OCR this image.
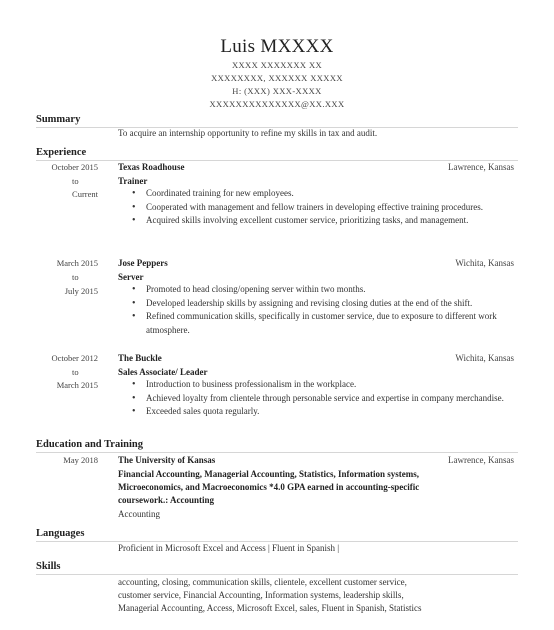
Luis MXXXX
XXXX XXXXXXX XX
XXXXXXXX, XXXXXX XXXXX
H: (XXX) XXX-XXXX
XXXXXXXXXXXXXX@XX.XXX
Summary
To acquire an internship opportunity to refine my skills in tax and audit.
Experience
October 2015
to
Current
Texas Roadhouse	Lawrence, Kansas
Trainer
• Coordinated training for new employees.
• Cooperated with management and fellow trainers in developing effective training procedures.
• Acquired skills involving excellent customer service, prioritizing tasks, and management.
March 2015
to
July 2015
Jose Peppers	Wichita, Kansas
Server
• Promoted to head closing/opening server within two months.
• Developed leadership skills by assigning and revising closing duties at the end of the shift.
• Refined communication skills, specifically in customer service, due to exposure to different work atmosphere.
October 2012
to
March 2015
The Buckle	Wichita, Kansas
Sales Associate/ Leader
• Introduction to business professionalism in the workplace.
• Achieved loyalty from clientele through personable service and expertise in company merchandise.
• Exceeded sales quota regularly.
Education and Training
May 2018 The University of Kansas	Lawrence, Kansas
Financial Accounting, Managerial Accounting, Statistics, Information systems,
Microeconomics, and Macroeconomics *4.0 GPA earned in accounting-specific
coursework.: Accounting
Accounting
Languages
Proficient in Microsoft Excel and Access | Fluent in Spanish |
Skills
accounting, closing, communication skills, clientele, excellent customer service,
customer service, Financial Accounting, Information systems, leadership skills,
Managerial Accounting, Access, Microsoft Excel, sales, Fluent in Spanish, Statistics
